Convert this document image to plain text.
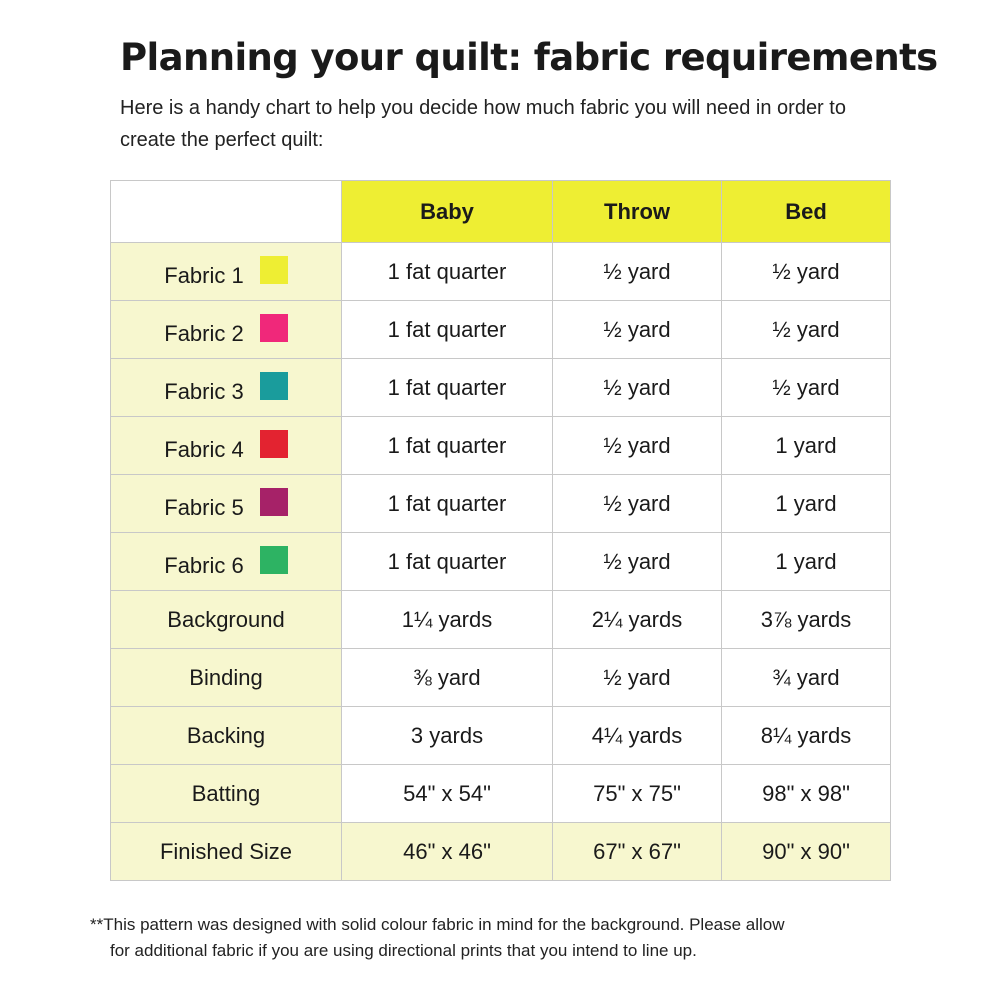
Planning your quilt: fabric requirements

Here is a handy chart to help you decide how much fabric you will need in order to create the perfect quilt:

	Baby	Throw	Bed

Fabric 1	1 fat quarter	½ yard	½ yard

Fabric 2	1 fat quarter	½ yard	½ yard

Fabric 3	1 fat quarter	½ yard	½ yard

Fabric 4	1 fat quarter	½ yard	1 yard

Fabric 5	1 fat quarter	½ yard	1 yard

Fabric 6	1 fat quarter	½ yard	1 yard
Background	1¼ yards	2¼ yards	3⅞ yards
Binding	⅜ yard	½ yard	¾ yard
Backing	3 yards	4¼ yards	8¼ yards
Batting	54" x 54"	75" x 75"	98" x 98"
Finished Size	46" x 46"	67" x 67"	90" x 90"

**This pattern was designed with solid colour fabric in mind for the background. Please allow
for additional fabric if you are using directional prints that you intend to line up.
